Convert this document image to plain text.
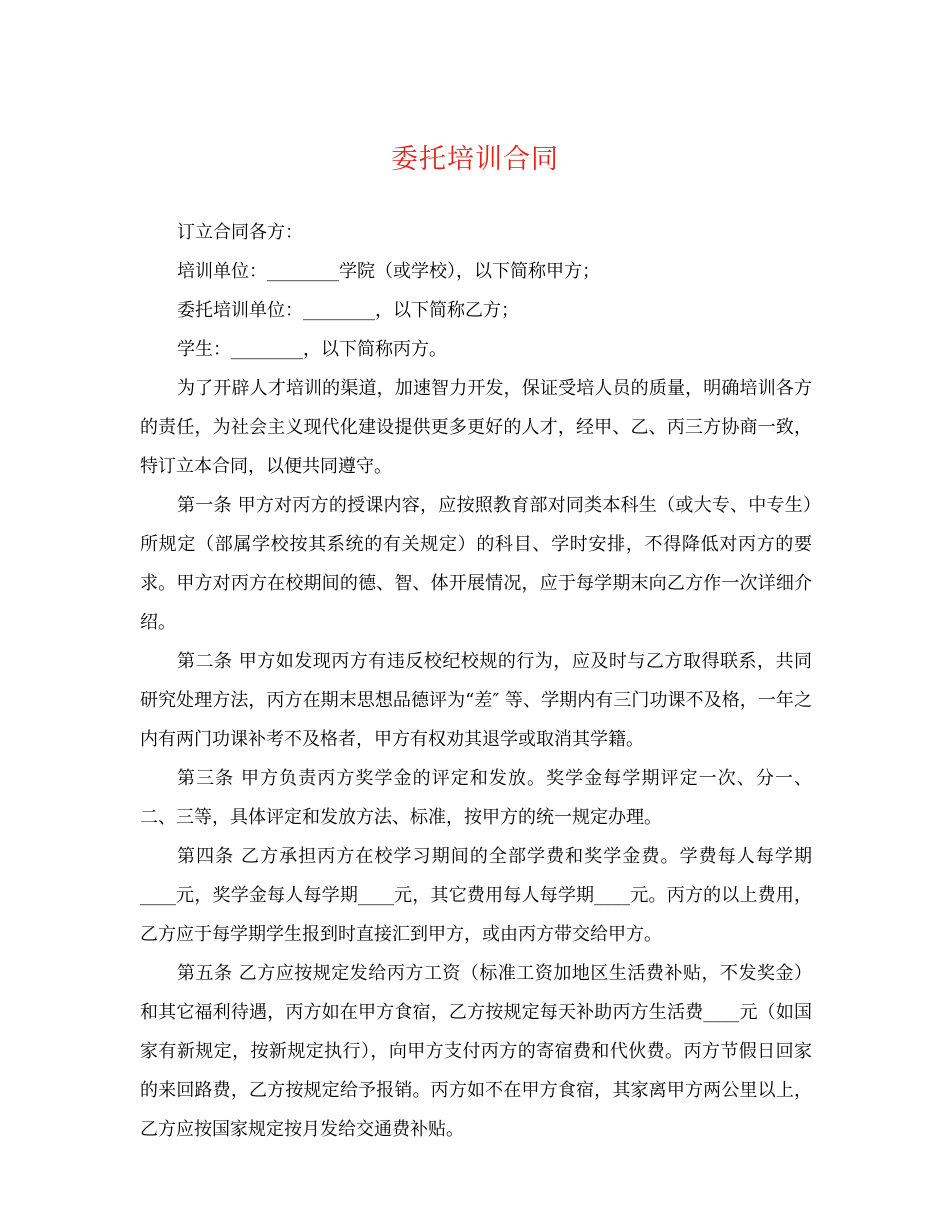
委托培训合同

订立合同各方：

培训单位：________学院（或学校），以下简称甲方；

委托培训单位：________，以下简称乙方；

学生：________，以下简称丙方。

为了开辟人才培训的渠道，加速智力开发，保证受培人员的质量，明确培训各方的责任，为社会主义现代化建设提供更多更好的人才，经甲、乙、丙三方协商一致，特订立本合同，以便共同遵守。

第一条 甲方对丙方的授课内容，应按照教育部对同类本科生（或大专、中专生）所规定（部属学校按其系统的有关规定）的科目、学时安排，不得降低对丙方的要求。甲方对丙方在校期间的德、智、体开展情况，应于每学期末向乙方作一次详细介绍。

第二条 甲方如发现丙方有违反校纪校规的行为，应及时与乙方取得联系，共同研究处理方法，丙方在期末思想品德评为“差″ 等、学期内有三门功课不及格，一年之内有两门功课补考不及格者，甲方有权劝其退学或取消其学籍。

第三条 甲方负责丙方奖学金的评定和发放。奖学金每学期评定一次、分一、二、三等，具体评定和发放方法、标准，按甲方的统一规定办理。

第四条 乙方承担丙方在校学习期间的全部学费和奖学金费。学费每人每学期____元，奖学金每人每学期____元，其它费用每人每学期____元。丙方的以上费用，乙方应于每学期学生报到时直接汇到甲方，或由丙方带交给甲方。

第五条 乙方应按规定发给丙方工资（标准工资加地区生活费补贴，不发奖金）和其它福利待遇，丙方如在甲方食宿，乙方按规定每天补助丙方生活费____元（如国家有新规定，按新规定执行），向甲方支付丙方的寄宿费和代伙费。丙方节假日回家的来回路费，乙方按规定给予报销。丙方如不在甲方食宿，其家离甲方两公里以上，乙方应按国家规定按月发给交通费补贴。
